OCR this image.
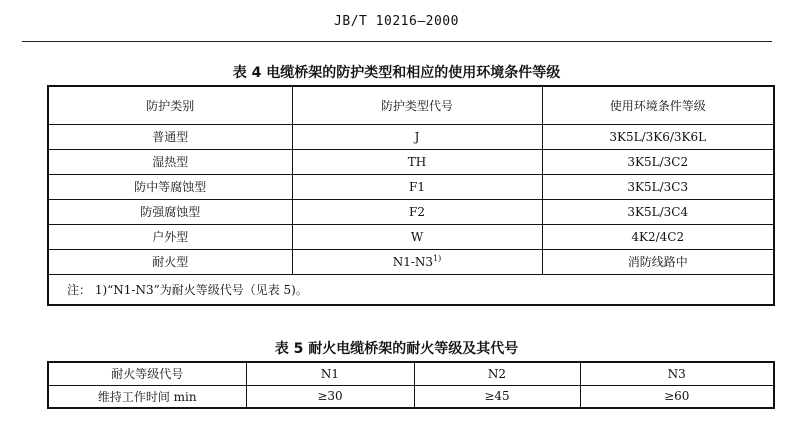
JB/T 10216—2000
表 4 电缆桥架的防护类型和相应的使用环境条件等级
防护类别	防护类型代号	使用环境条件等级
普通型	J	3K5L/3K6/3K6L
湿热型	TH	3K5L/3C2
防中等腐蚀型	F1	3K5L/3C3
防强腐蚀型	F2	3K5L/3C4
户外型	W	4K2/4C2
耐火型	N1-N3$^{1)}$	消防线路中
注： 1)“N1-N3”为耐火等级代号（见表 5)。		
表 5 耐火电缆桥架的耐火等级及其代号
耐火等级代号	N1	N2	N3
维持工作时间 min	≥30	≥45	≥60
